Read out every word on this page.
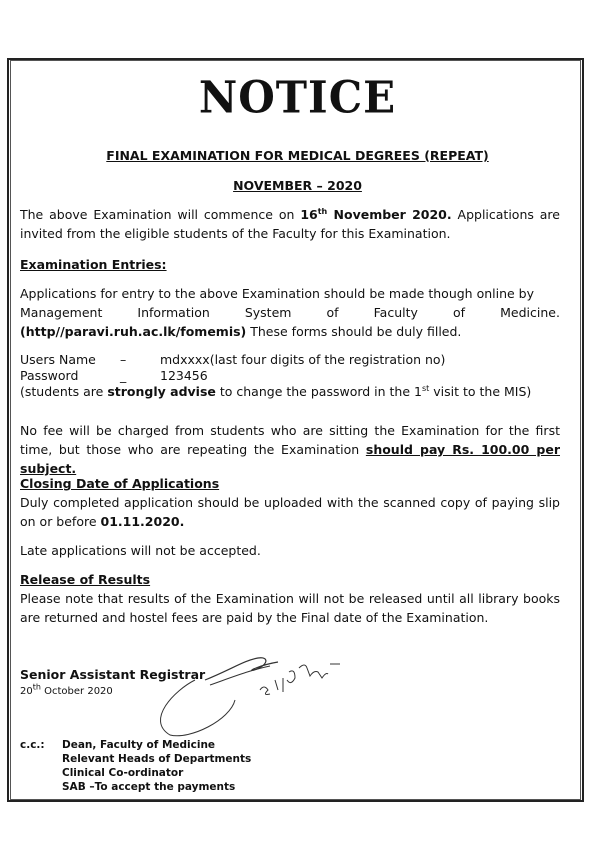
NOTICE
FINAL EXAMINATION FOR MEDICAL DEGREES (REPEAT)
NOVEMBER – 2020
The above Examination will commence on 16th November 2020. Applications are invited from the eligible students of the Faculty for this Examination.
Examination Entries:
Applications for entry to the above Examination should be made though online by
Management	Information	System	of	Faculty	of	Medicine.
(http//paravi.ruh.ac.lk/fomemis) These forms should be duly filled.
Users Name	–	mdxxxx(last four digits of the registration no)
Password	_	123456
(students are strongly advise to change the password in the 1st visit to the MIS)
No fee will be charged from students who are sitting the Examination for the first time, but those who are repeating the Examination should pay Rs. 100.00 per subject.
Closing Date of Applications
Duly completed application should be uploaded with the scanned copy of paying slip on or before 01.11.2020.
Late applications will not be accepted.
Release of Results
Please note that results of the Examination will not be released until all library books are returned and hostel fees are paid by the Final date of the Examination.
Senior Assistant Registrar
20th October 2020
c.c.: Dean, Faculty of Medicine
Relevant Heads of Departments
Clinical Co-ordinator
SAB –To accept the payments
